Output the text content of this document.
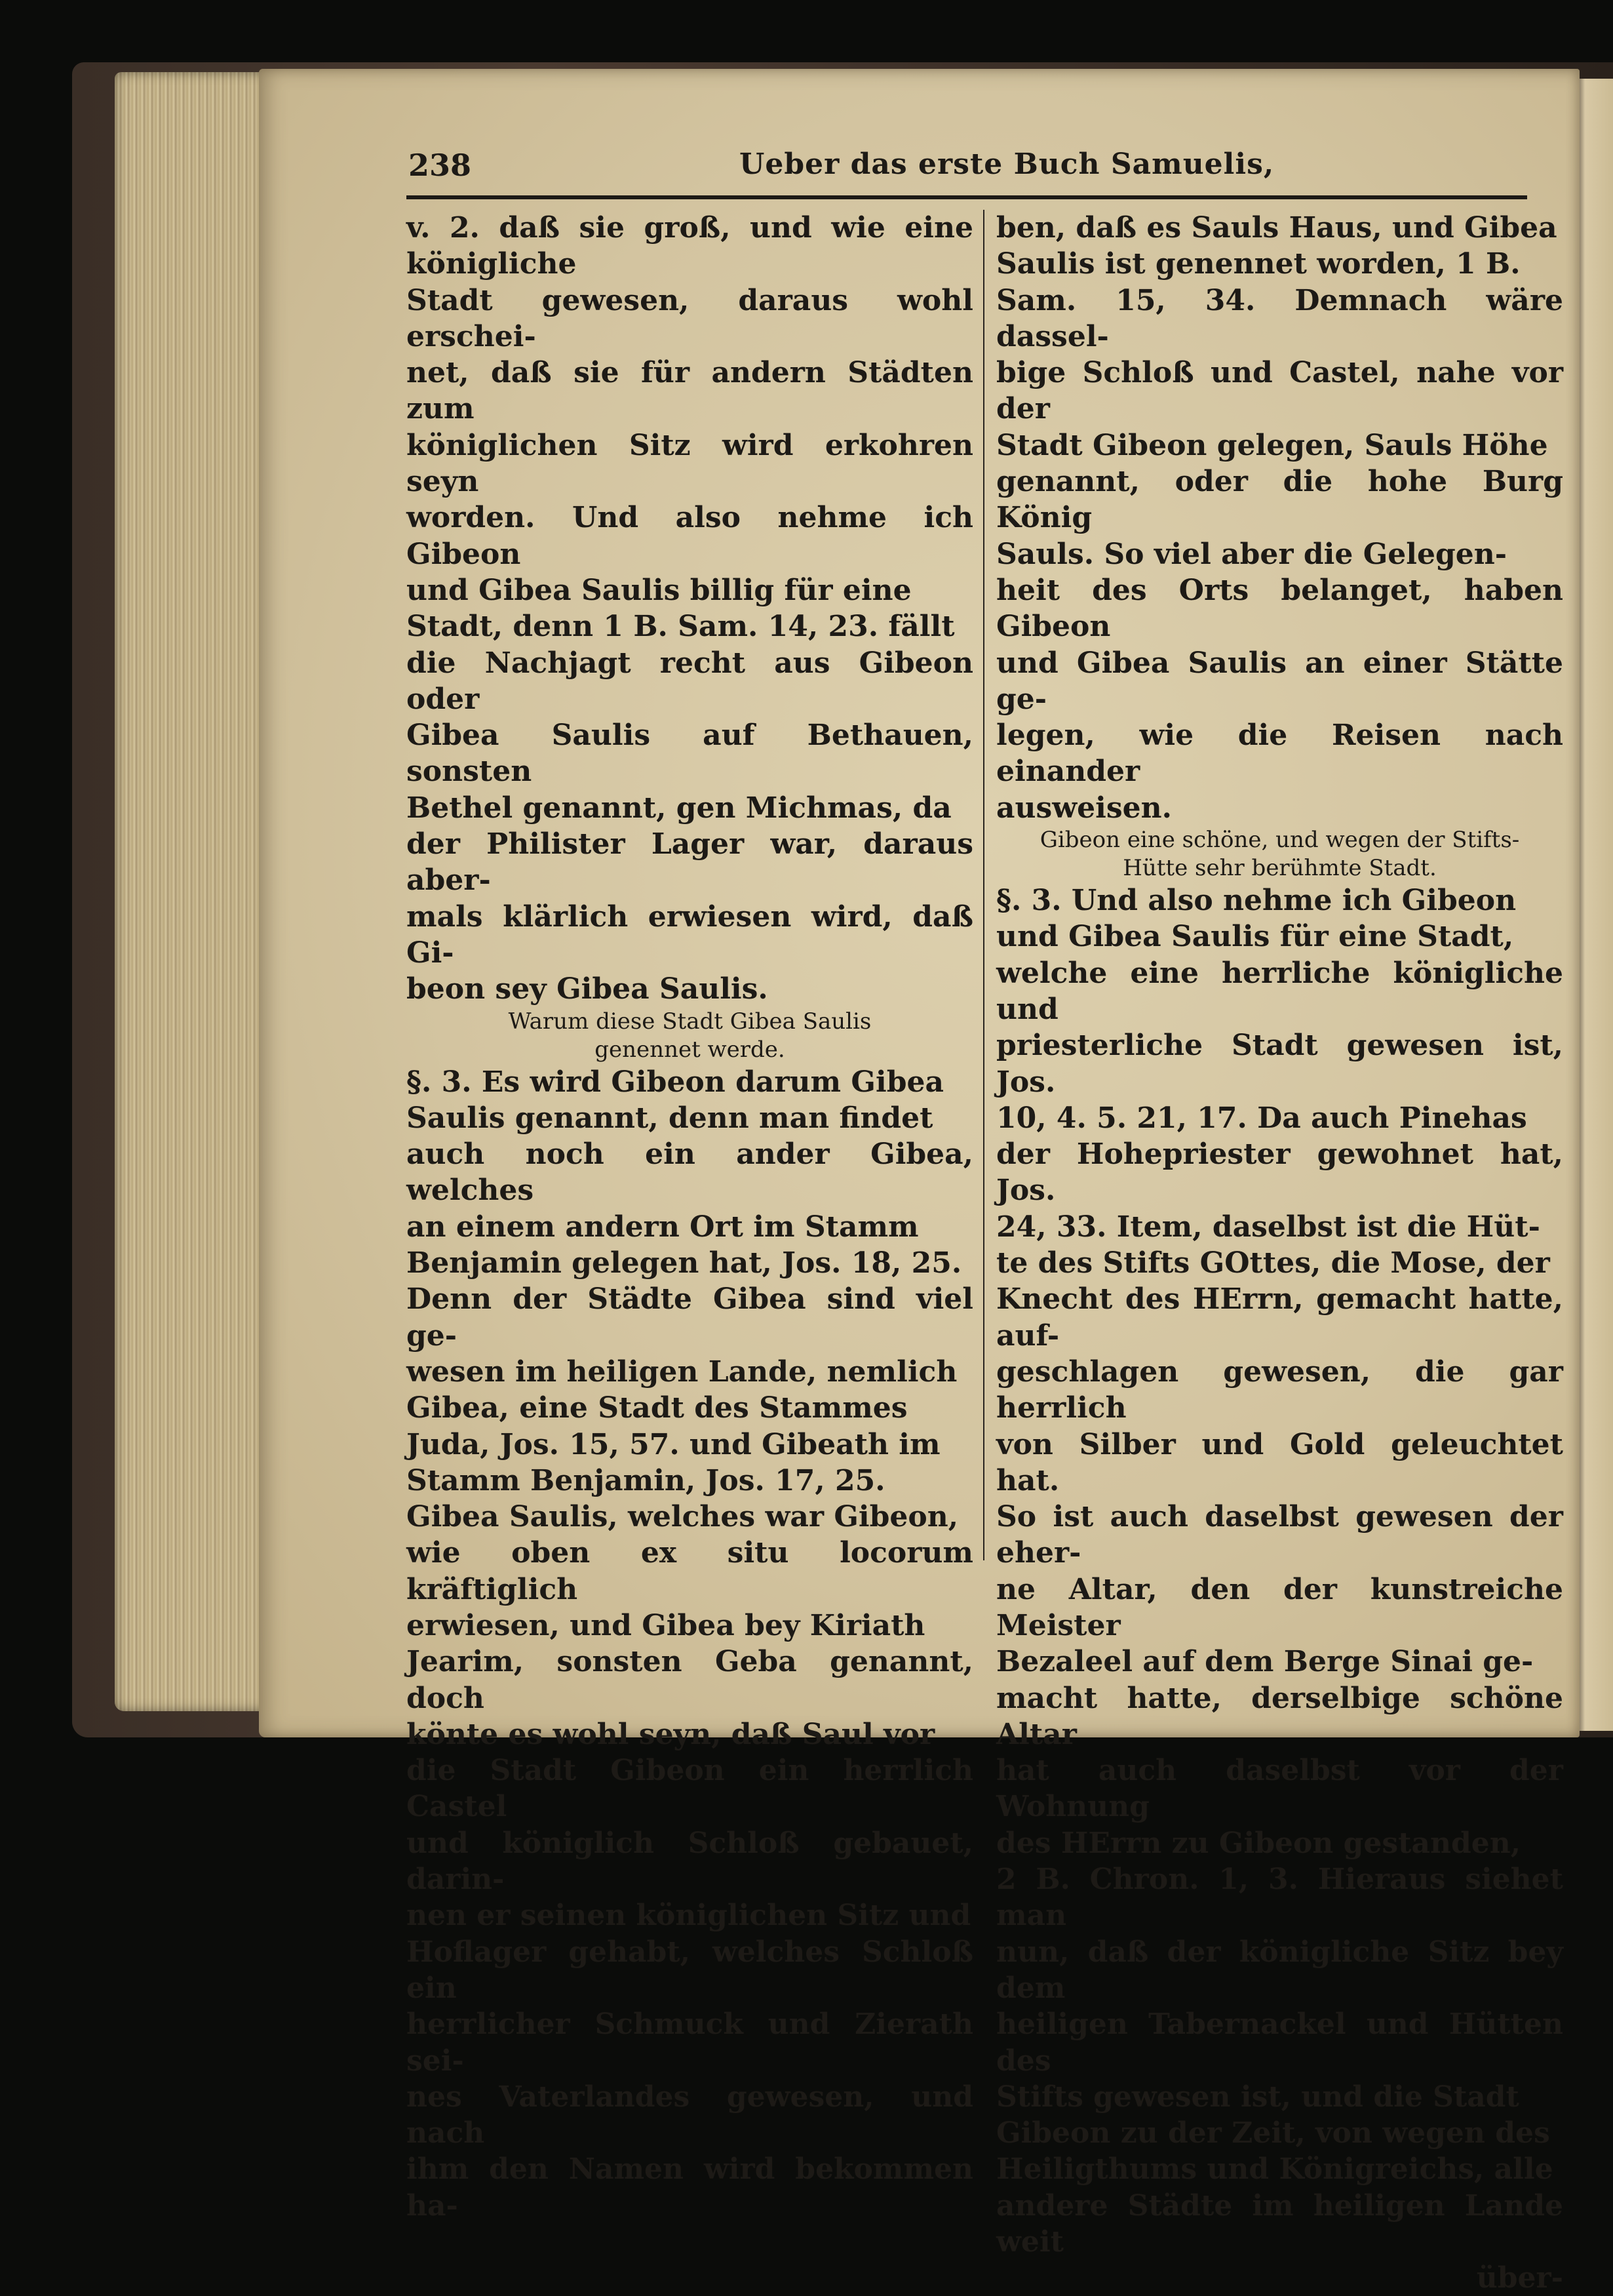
238	Ueber das erste Buch Samuelis,

v. 2. daß sie groß, und wie eine königliche
Stadt gewesen, daraus wohl erschei-
net, daß sie für andern Städten zum
königlichen Sitz wird erkohren seyn
worden. Und also nehme ich Gibeon
und Gibea Saulis billig für eine
Stadt, denn 1 B. Sam. 14, 23. fällt
die Nachjagt recht aus Gibeon oder
Gibea Saulis auf Bethauen, sonsten
Bethel genannt, gen Michmas, da
der Philister Lager war, daraus aber-
mals klärlich erwiesen wird, daß Gi-
beon sey Gibea Saulis.

Warum diese Stadt Gibea Saulis
genennet werde.

§. 3. Es wird Gibeon darum Gibea
Saulis genannt, denn man findet
auch noch ein ander Gibea, welches
an einem andern Ort im Stamm
Benjamin gelegen hat, Jos. 18, 25.
Denn der Städte Gibea sind viel ge-
wesen im heiligen Lande, nemlich
Gibea, eine Stadt des Stammes
Juda, Jos. 15, 57. und Gibeath im
Stamm Benjamin, Jos. 17, 25.
Gibea Saulis, welches war Gibeon,
wie oben ex situ locorum kräftiglich
erwiesen, und Gibea bey Kiriath
Jearim, sonsten Geba genannt, doch
könte es wohl seyn, daß Saul vor
die Stadt Gibeon ein herrlich Castel
und königlich Schloß gebauet, darin-
nen er seinen königlichen Sitz und
Hoflager gehabt, welches Schloß ein
herrlicher Schmuck und Zierath sei-
nes Vaterlandes gewesen, und nach
ihm den Namen wird bekommen ha-

ben, daß es Sauls Haus, und Gibea
Saulis ist genennet worden, 1 B.
Sam. 15, 34. Demnach wäre dassel-
bige Schloß und Castel, nahe vor der
Stadt Gibeon gelegen, Sauls Höhe
genannt, oder die hohe Burg König
Sauls. So viel aber die Gelegen-
heit des Orts belanget, haben Gibeon
und Gibea Saulis an einer Stätte ge-
legen, wie die Reisen nach einander
ausweisen.

Gibeon eine schöne, und wegen der Stifts-
Hütte sehr berühmte Stadt.

§. 3. Und also nehme ich Gibeon
und Gibea Saulis für eine Stadt,
welche eine herrliche königliche und
priesterliche Stadt gewesen ist, Jos.
10, 4. 5. 21, 17. Da auch Pinehas
der Hohepriester gewohnet hat, Jos.
24, 33. Item, daselbst ist die Hüt-
te des Stifts GOttes, die Mose, der
Knecht des HErrn, gemacht hatte, auf-
geschlagen gewesen, die gar herrlich
von Silber und Gold geleuchtet hat.
So ist auch daselbst gewesen der eher-
ne Altar, den der kunstreiche Meister
Bezaleel auf dem Berge Sinai ge-
macht hatte, derselbige schöne Altar
hat auch daselbst vor der Wohnung
des HErrn zu Gibeon gestanden,
2 B. Chron. 1, 3. Hieraus siehet man
nun, daß der königliche Sitz bey dem
heiligen Tabernackel und Hütten des
Stifts gewesen ist, und die Stadt
Gibeon zu der Zeit, von wegen des
Heiligthums und Königreichs, alle
andere Städte im heiligen Lande weit

über-
